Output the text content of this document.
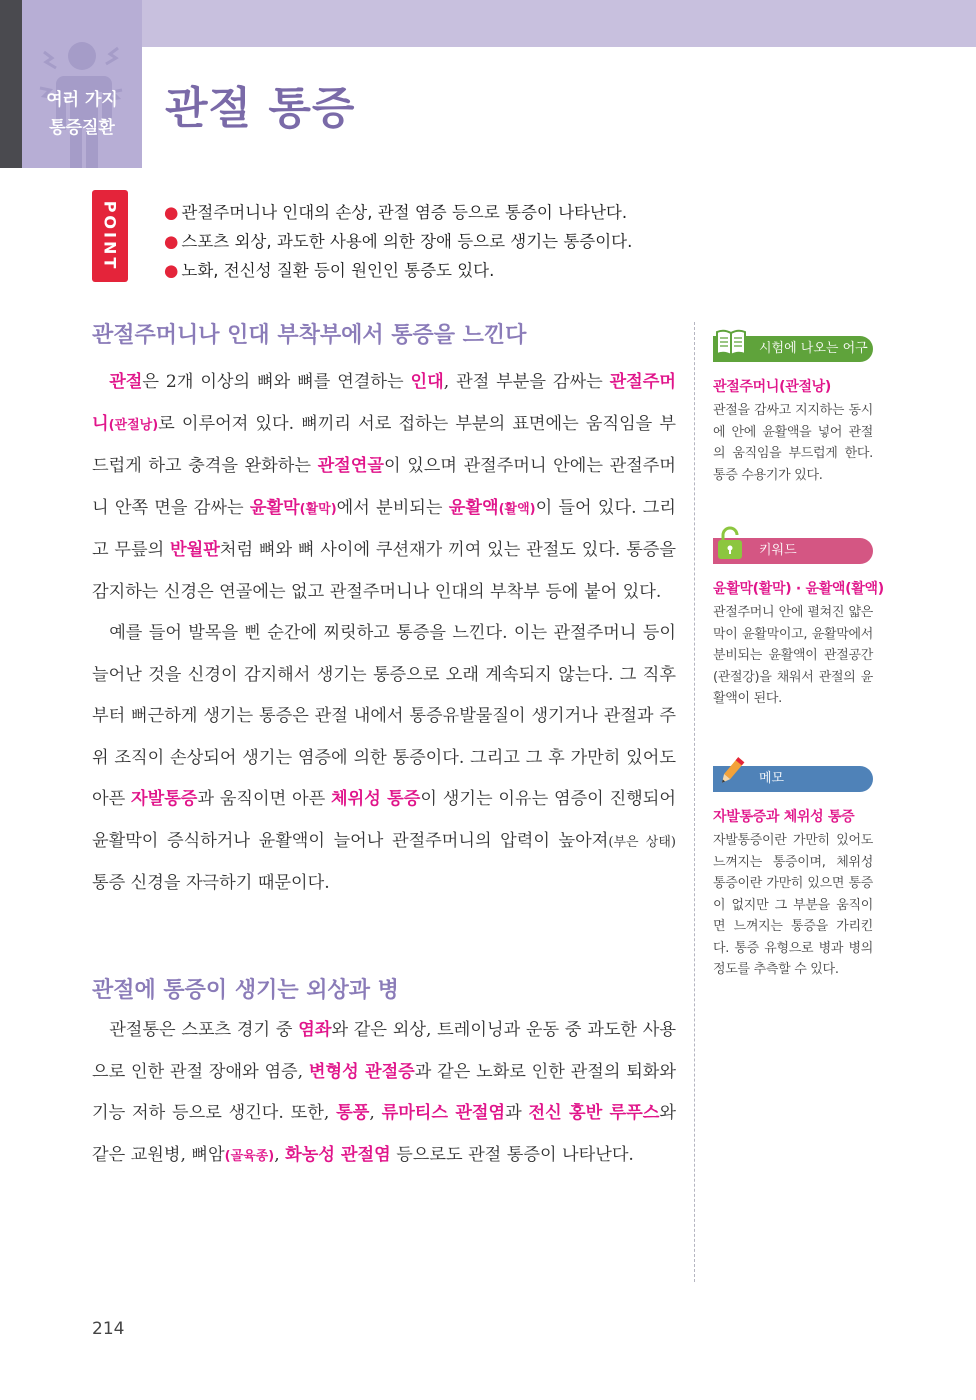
여러 가지
통증질환	관절 통증
POINT	● 관절주머니나 인대의 손상, 관절 염증 등으로 통증이 나타난다.
● 스포츠 외상, 과도한 사용에 의한 장애 등으로 생기는 통증이다.
● 노화, 전신성 질환 등이 원인인 통증도 있다.
관절주머니나 인대 부착부에서 통증을 느낀다

관절은 2개 이상의 뼈와 뼈를 연결하는 인대, 관절 부분을 감싸는 관절주머니(관절낭)로 이루어져 있다. 뼈끼리 서로 접하는 부분의 표면에는 움직임을 부드럽게 하고 충격을 완화하는 관절연골이 있으며 관절주머니 안에는 관절주머니 안쪽 면을 감싸는 윤활막(활막)에서 분비되는 윤활액(활액)이 들어 있다. 그리고 무릎의 반월판처럼 뼈와 뼈 사이에 쿠션재가 끼여 있는 관절도 있다. 통증을 감지하는 신경은 연골에는 없고 관절주머니나 인대의 부착부 등에 붙어 있다.

예를 들어 발목을 삔 순간에 찌릿하고 통증을 느낀다. 이는 관절주머니 등이 늘어난 것을 신경이 감지해서 생기는 통증으로 오래 계속되지 않는다. 그 직후부터 뻐근하게 생기는 통증은 관절 내에서 통증유발물질이 생기거나 관절과 주위 조직이 손상되어 생기는 염증에 의한 통증이다. 그리고 그 후 가만히 있어도 아픈 자발통증과 움직이면 아픈 체위성 통증이 생기는 이유는 염증이 진행되어 윤활막이 증식하거나 윤활액이 늘어나 관절주머니의 압력이 높아져(부은 상태) 통증 신경을 자극하기 때문이다.

관절에 통증이 생기는 외상과 병

관절통은 스포츠 경기 중 염좌와 같은 외상, 트레이닝과 운동 중 과도한 사용으로 인한 관절 장애와 염증, 변형성 관절증과 같은 노화로 인한 관절의 퇴화와 기능 저하 등으로 생긴다. 또한, 통풍, 류마티스 관절염과 전신 홍반 루푸스와 같은 교원병, 뼈암(골육종), 화농성 관절염 등으로도 관절 통증이 나타난다.

시험에 나오는 어구
관절주머니(관절낭)
관절을 감싸고 지지하는 동시에 안에 윤활액을 넣어 관절의 움직임을 부드럽게 한다. 통증 수용기가 있다.
키워드
윤활막(활막) · 윤활액(활액)
관절주머니 안에 펼쳐진 얇은 막이 윤활막이고, 윤활막에서 분비되는 윤활액이 관절공간(관절강)을 채워서 관절의 윤활액이 된다.
메모
자발통증과 체위성 통증
자발통증이란 가만히 있어도 느껴지는 통증이며, 체위성 통증이란 가만히 있으면 통증이 없지만 그 부분을 움직이면 느껴지는 통증을 가리킨다. 통증 유형으로 병과 병의 정도를 추측할 수 있다.
214
